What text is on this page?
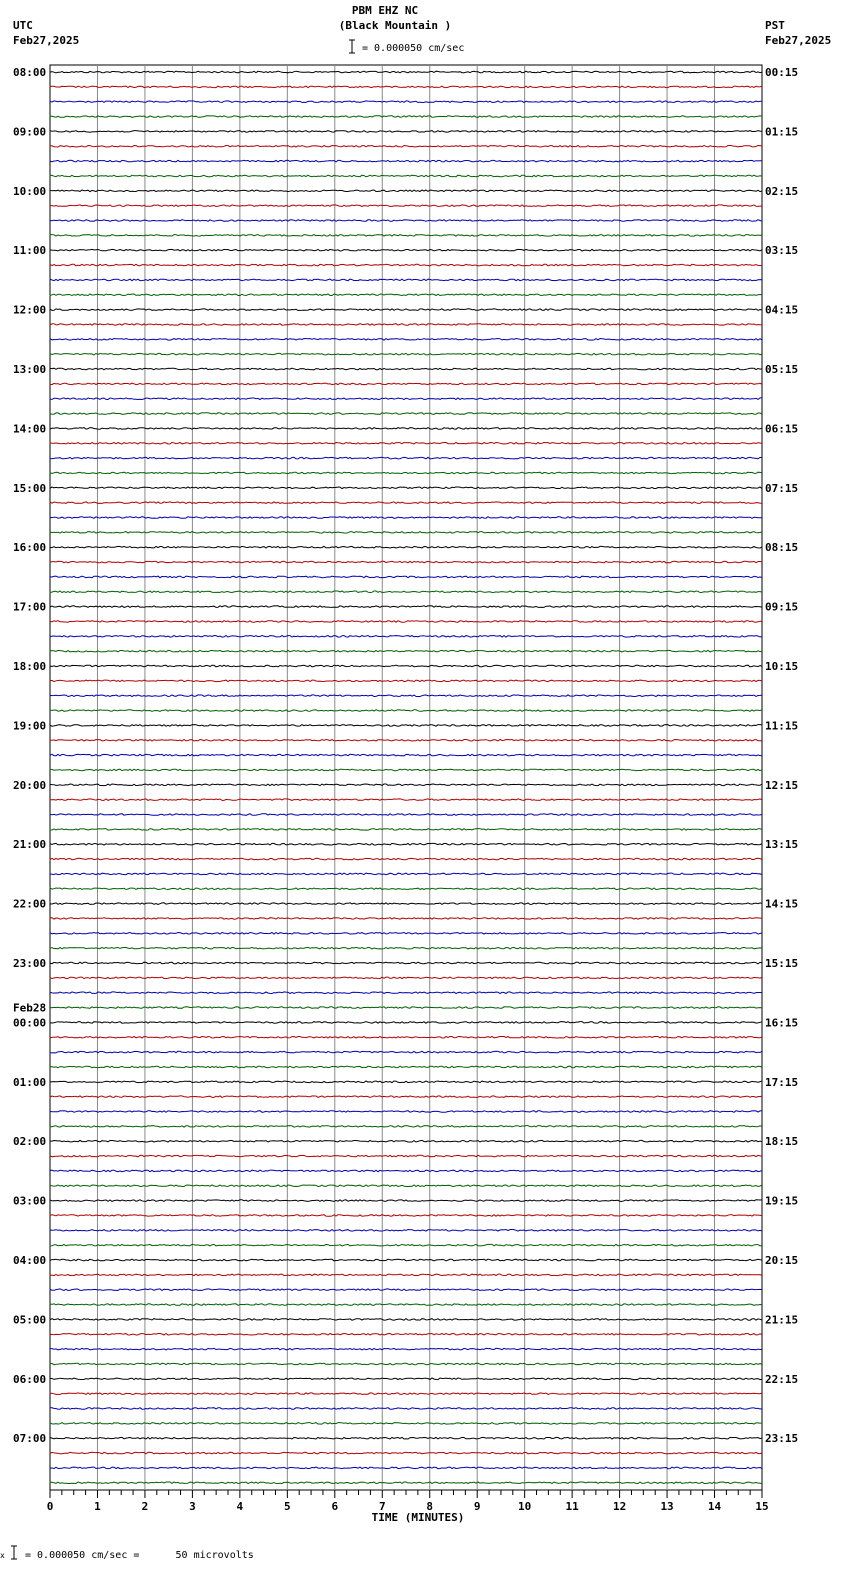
PBM EHZ NC
(Black Mountain )
UTC
Feb27,2025
PST
Feb27,2025
= 0.000050 cm/sec
08:00	00:15
09:00	01:15
10:00	02:15
11:00	03:15
12:00	04:15
13:00	05:15
14:00	06:15
15:00	07:15
16:00	08:15
17:00	09:15
18:00	10:15
19:00	11:15
20:00	12:15
21:00	13:15
22:00	14:15
23:00	15:15
00:00	16:15
01:00	17:15
02:00	18:15
03:00	19:15
04:00	20:15
05:00	21:15
06:00	22:15
07:00	23:15
Feb28
0	1	2	3	4	5	6	7	8	9	10	11	12	13	14	15
TIME (MINUTES)
x = 0.000050 cm/sec =      50 microvolts
